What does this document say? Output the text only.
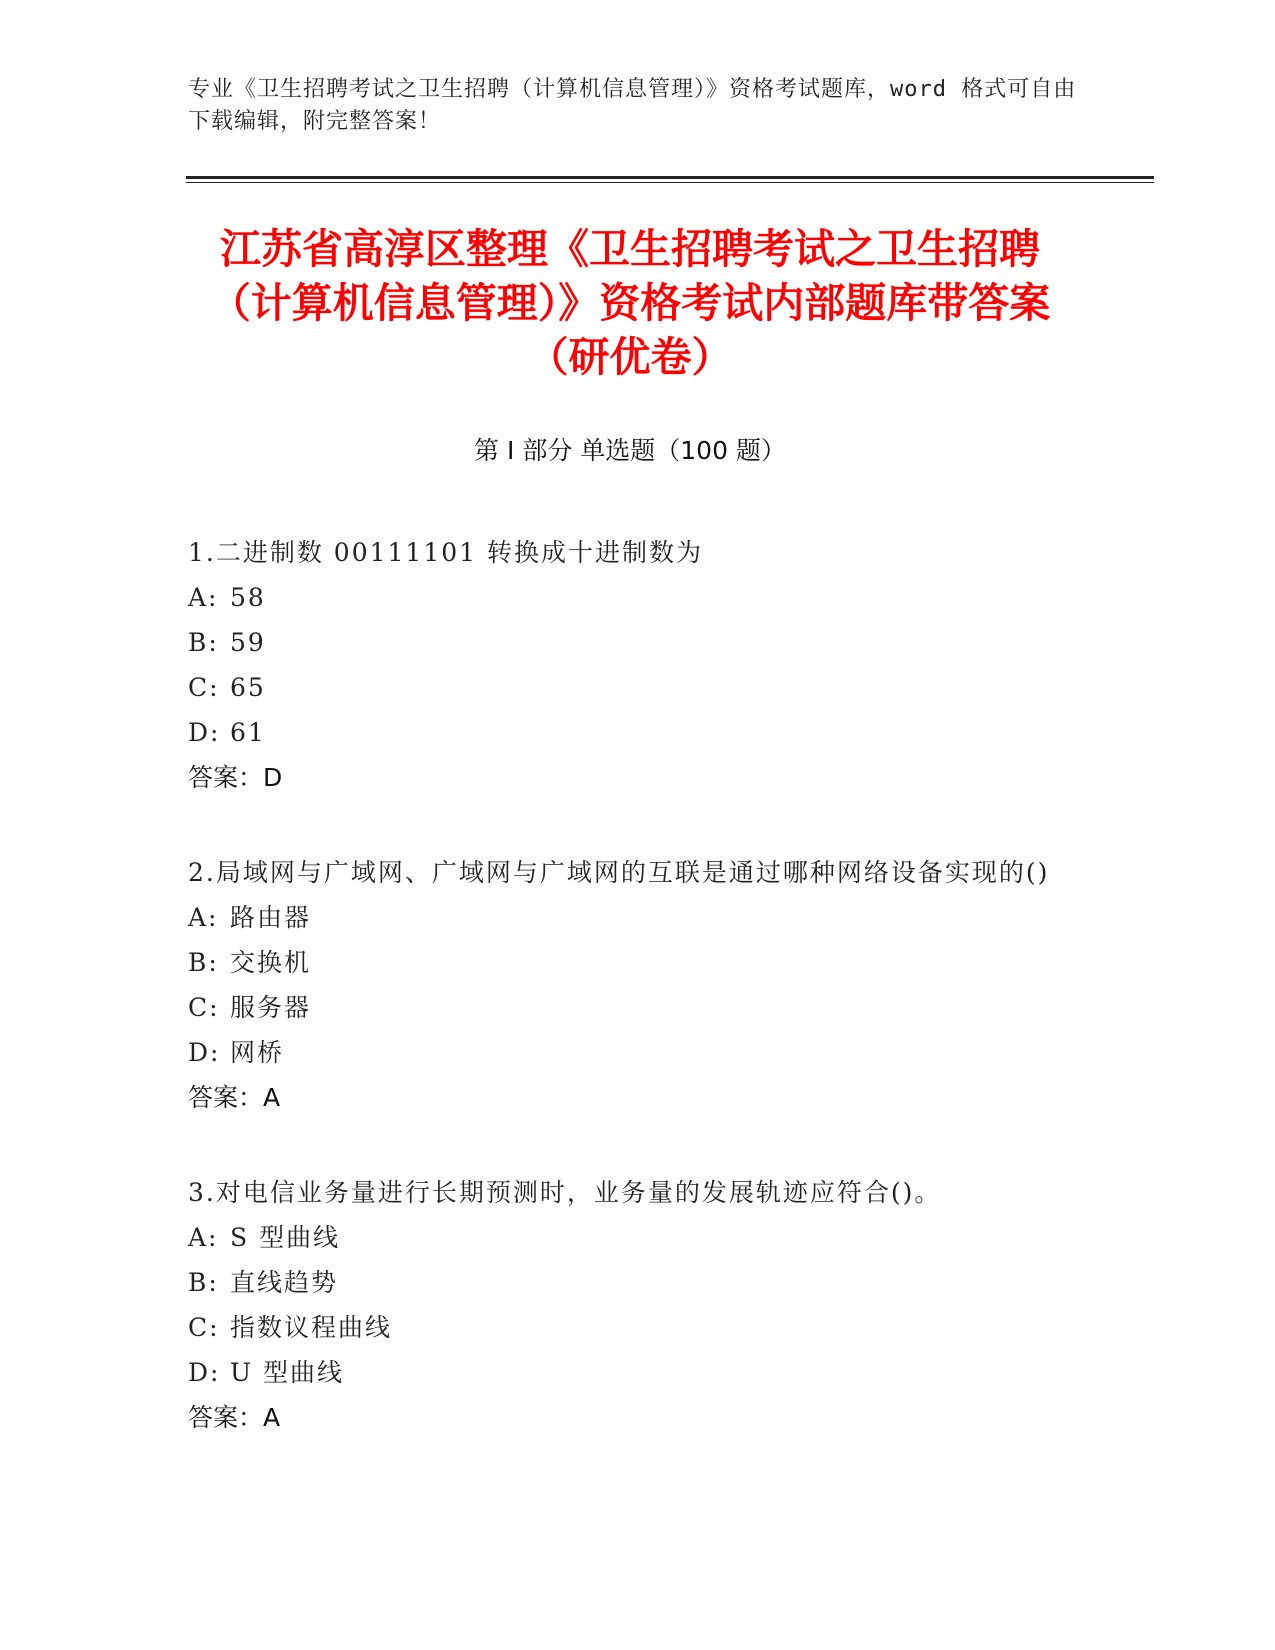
专业《卫生招聘考试之卫生招聘（计算机信息管理）》资格考试题库，word 格式可自由下载编辑，附完整答案！
江苏省高淳区整理《卫生招聘考试之卫生招聘（计算机信息管理）》资格考试内部题库带答案（研优卷）
第 I 部分 单选题（100 题）
1.二进制数 00111101 转换成十进制数为
A: 58
B: 59
C: 65
D: 61
答案：D
2.局域网与广域网、广域网与广域网的互联是通过哪种网络设备实现的()
A: 路由器
B: 交换机
C: 服务器
D: 网桥
答案：A
3.对电信业务量进行长期预测时，业务量的发展轨迹应符合()。
A: S 型曲线
B: 直线趋势
C: 指数议程曲线
D: U 型曲线
答案：A
